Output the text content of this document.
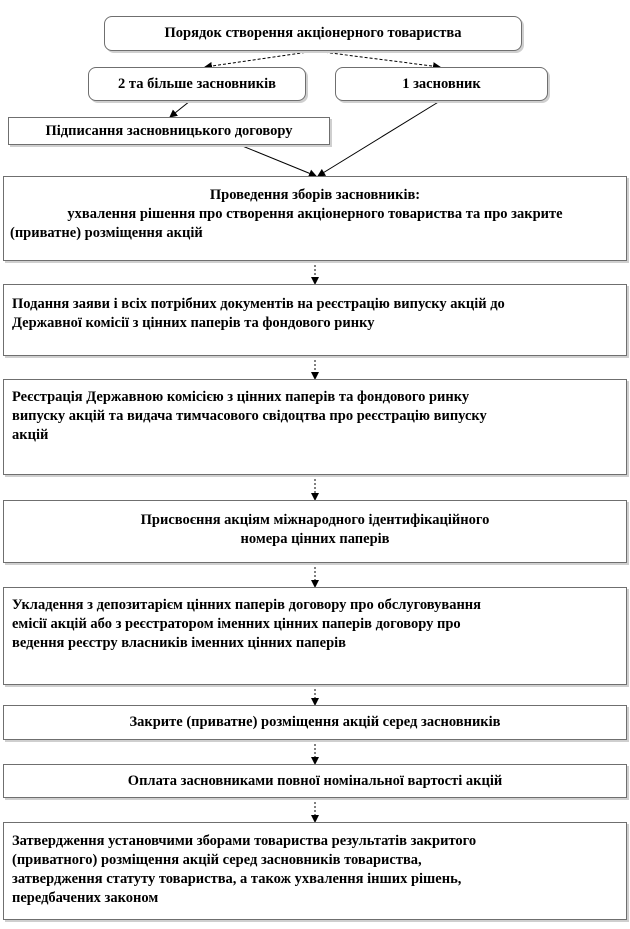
Порядок створення акціонерного товариства
2 та більше засновників	1 засновник
Підписання засновницького договору
Проведення зборів засновників:
ухвалення рішення про створення акціонерного товариства та про закрите
(приватне) розміщення акцій
Подання заяви і всіх потрібних документів на реєстрацію випуску акцій до
Державної комісії з цінних паперів та фондового ринку
Реєстрація Державною комісією з цінних паперів та фондового ринку
випуску акцій та видача тимчасового свідоцтва про реєстрацію випуску
акцій
Присвоєння акціям міжнародного ідентифікаційного
номера цінних паперів
Укладення з депозитарієм цінних паперів договору про обслуговування
емісії акцій або з реєстратором іменних цінних паперів договору про
ведення реєстру власників іменних цінних паперів
Закрите (приватне) розміщення акцій серед засновників
Оплата засновниками повної номінальної вартості акцій
Затвердження установчими зборами товариства результатів закритого
(приватного) розміщення акцій серед засновників товариства,
затвердження статуту товариства, а також ухвалення інших рішень,
передбачених законом
